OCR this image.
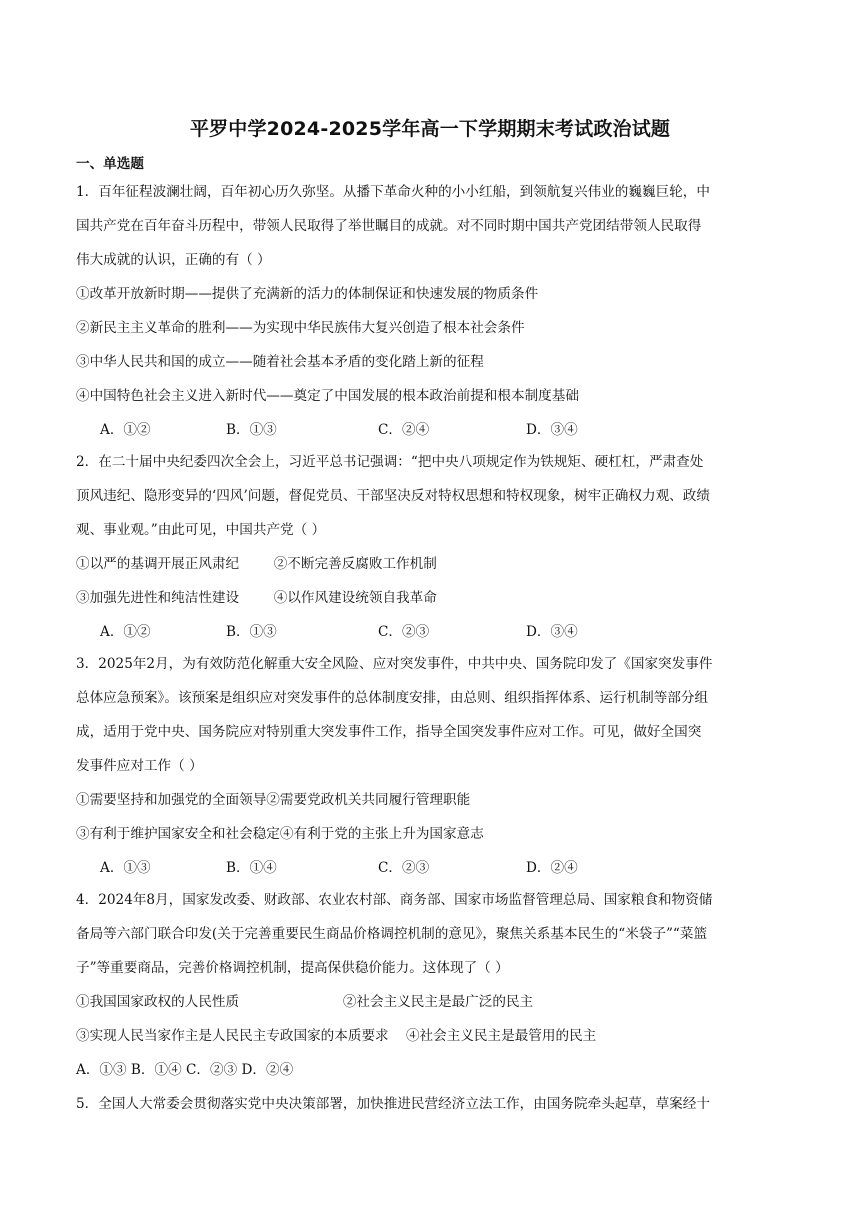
平罗中学2024-2025学年高一下学期期末考试政治试题
一、单选题
1．百年征程波澜壮阔，百年初心历久弥坚。从播下革命火种的小小红船，到领航复兴伟业的巍巍巨轮，中
国共产党在百年奋斗历程中，带领人民取得了举世瞩目的成就。对不同时期中国共产党团结带领人民取得
伟大成就的认识，正确的有（ ）
①改革开放新时期——提供了充满新的活力的体制保证和快速发展的物质条件
②新民主主义革命的胜利——为实现中华民族伟大复兴创造了根本社会条件
③中华人民共和国的成立——随着社会基本矛盾的变化踏上新的征程
④中国特色社会主义进入新时代——奠定了中国发展的根本政治前提和根本制度基础
A．①②	B．①③	C．②④	D．③④
2．在二十届中央纪委四次全会上，习近平总书记强调：“把中央八项规定作为铁规矩、硬杠杠，严肃查处
顶风违纪、隐形变异的‘四风’问题，督促党员、干部坚决反对特权思想和特权现象，树牢正确权力观、政绩
观、事业观。”由此可见，中国共产党（ ）
①以严的基调开展正风肃纪        ②不断完善反腐败工作机制
③加强先进性和纯洁性建设        ④以作风建设统领自我革命
A．①②	B．①③	C．②③	D．③④
3．2025年2月，为有效防范化解重大安全风险、应对突发事件，中共中央、国务院印发了《国家突发事件
总体应急预案》。该预案是组织应对突发事件的总体制度安排，由总则、组织指挥体系、运行机制等部分组
成，适用于党中央、国务院应对特别重大突发事件工作，指导全国突发事件应对工作。可见，做好全国突
发事件应对工作（ ）
①需要坚持和加强党的全面领导②需要党政机关共同履行管理职能
③有利于维护国家安全和社会稳定④有利于党的主张上升为国家意志
A．①③	B．①④	C．②③	D．②④
4．2024年8月，国家发改委、财政部、农业农村部、商务部、国家市场监督管理总局、国家粮食和物资储
备局等六部门联合印发(关于完善重要民生商品价格调控机制的意见》，聚焦关系基本民生的“米袋子”“菜篮
子”等重要商品，完善价格调控机制，提高保供稳价能力。这体现了（ ）
①我国国家政权的人民性质                        ②社会主义民主是最广泛的民主
③实现人民当家作主是人民民主专政国家的本质要求    ④社会主义民主是最管用的民主
A．①③ B．①④ C．②③ D．②④
5．全国人大常委会贯彻落实党中央决策部署，加快推进民营经济立法工作，由国务院牵头起草，草案经十
